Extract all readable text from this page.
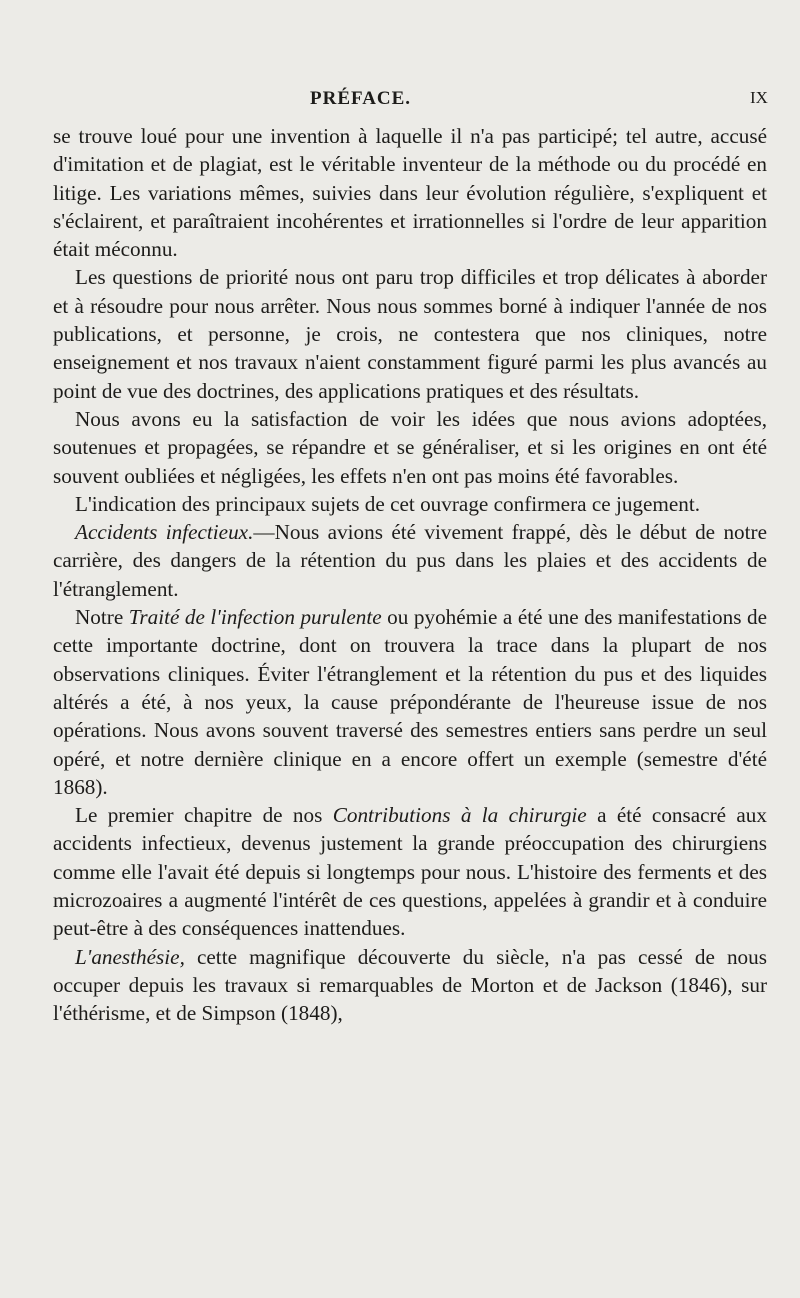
PRÉFACE.	IX

se trouve loué pour une invention à laquelle il n'a pas participé; tel autre, accusé d'imitation et de plagiat, est le véritable inventeur de la méthode ou du procédé en litige. Les variations mêmes, suivies dans leur évolution régulière, s'expliquent et s'éclairent, et paraîtraient incohérentes et irrationnelles si l'ordre de leur apparition était méconnu.

Les questions de priorité nous ont paru trop difficiles et trop délicates à aborder et à résoudre pour nous arrêter. Nous nous sommes borné à indiquer l'année de nos publications, et personne, je crois, ne contestera que nos cliniques, notre enseignement et nos travaux n'aient constamment figuré parmi les plus avancés au point de vue des doctrines, des applications pratiques et des résultats.

Nous avons eu la satisfaction de voir les idées que nous avions adoptées, soutenues et propagées, se répandre et se généraliser, et si les origines en ont été souvent oubliées et négligées, les effets n'en ont pas moins été favorables.

L'indication des principaux sujets de cet ouvrage confirmera ce jugement.

Accidents infectieux.—Nous avions été vivement frappé, dès le début de notre carrière, des dangers de la rétention du pus dans les plaies et des accidents de l'étranglement.

Notre Traité de l'infection purulente ou pyohémie a été une des manifestations de cette importante doctrine, dont on trouvera la trace dans la plupart de nos observations cliniques. Éviter l'étranglement et la rétention du pus et des liquides altérés a été, à nos yeux, la cause prépondérante de l'heureuse issue de nos opérations. Nous avons souvent traversé des semestres entiers sans perdre un seul opéré, et notre dernière clinique en a encore offert un exemple (semestre d'été 1868).

Le premier chapitre de nos Contributions à la chirurgie a été consacré aux accidents infectieux, devenus justement la grande préoccupation des chirurgiens comme elle l'avait été depuis si longtemps pour nous. L'histoire des ferments et des microzoaires a augmenté l'intérêt de ces questions, appelées à grandir et à conduire peut-être à des conséquences inattendues.

L'anesthésie, cette magnifique découverte du siècle, n'a pas cessé de nous occuper depuis les travaux si remarquables de Morton et de Jackson (1846), sur l'éthérisme, et de Simpson (1848),
